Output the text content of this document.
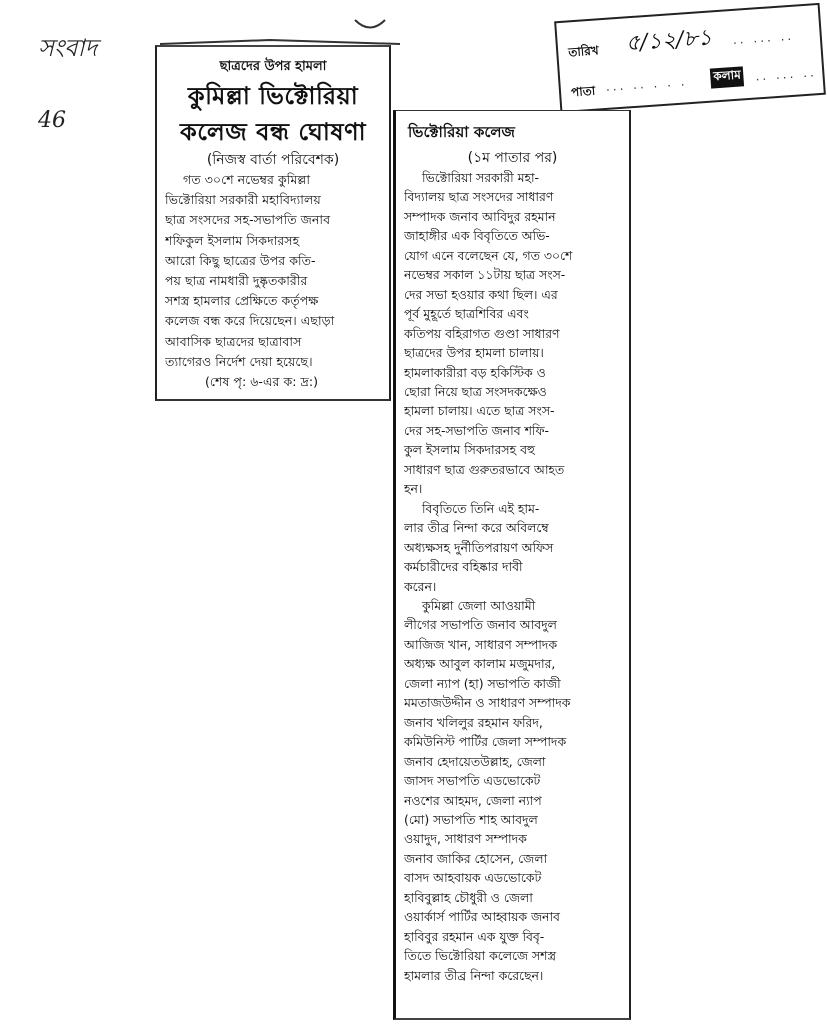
সংবাদ
46
তারিখ ৫/১২/৮১ .. ... ..
পাতা ... .. . . . কলাম .. ... ..
ছাত্রদের উপর হামলা
কুমিল্লা ভিক্টোরিয়া
কলেজ বন্ধ ঘোষণা
(নিজস্ব বার্তা পরিবেশক)
গত ৩০শে নভেম্বর কুমিল্লা
ভিক্টোরিয়া সরকারী মহাবিদ্যালয়
ছাত্র সংসদের সহ-সভাপতি জনাব
শফিকুল ইসলাম সিকদারসহ
আরো কিছু ছাত্রের উপর কতি-
পয় ছাত্র নামধারী দুষ্কৃতকারীর
সশস্ত্র হামলার প্রেক্ষিতে কর্তৃপক্ষ
কলেজ বন্ধ করে দিয়েছেন। এছাড়া
আবাসিক ছাত্রদের ছাত্রাবাস
ত্যাগেরও নির্দেশ দেয়া হয়েছে।
(শেষ পৃ: ৬-এর ক: দ্র:)
ভিক্টোরিয়া কলেজ
(১ম পাতার পর)
ভিক্টোরিয়া সরকারী মহা-
বিদ্যালয় ছাত্র সংসদের সাধারণ
সম্পাদক জনাব আবিদুর রহমান
জাহাঙ্গীর এক বিবৃতিতে অভি-
যোগ এনে বলেছেন যে, গত ৩০শে
নভেম্বর সকাল ১১টায় ছাত্র সংস-
দের সভা হওয়ার কথা ছিল। এর
পূর্ব মুহূর্তে ছাত্রশিবির এবং
কতিপয় বহিরাগত গুণ্ডা সাধারণ
ছাত্রদের উপর হামলা চালায়।
হামলাকারীরা বড় হকিস্টিক ও
ছোরা নিয়ে ছাত্র সংসদকক্ষেও
হামলা চালায়। এতে ছাত্র সংস-
দের সহ-সভাপতি জনাব শফি-
কুল ইসলাম সিকদারসহ বহু
সাধারণ ছাত্র গুরুতরভাবে আহত
হন।
বিবৃতিতে তিনি এই হাম-
লার তীব্র নিন্দা করে অবিলম্বে
অধ্যক্ষসহ দুর্নীতিপরায়ণ অফিস
কর্মচারীদের বহিষ্কার দাবী
করেন।
কুমিল্লা জেলা আওয়ামী
লীগের সভাপতি জনাব আবদুল
আজিজ খান, সাধারণ সম্পাদক
অধ্যক্ষ আবুল কালাম মজুমদার,
জেলা ন্যাপ (হা) সভাপতি কাজী
মমতাজউদ্দীন ও সাধারণ সম্পাদক
জনাব খলিলুর রহমান ফরিদ,
কমিউনিস্ট পার্টির জেলা সম্পাদক
জনাব হেদায়েতউল্লাহ, জেলা
জাসদ সভাপতি এডভোকেট
নওশের আহমদ, জেলা ন্যাপ
(মো) সভাপতি শাহ আবদুল
ওয়াদুদ, সাধারণ সম্পাদক
জনাব জাকির হোসেন, জেলা
বাসদ আহবায়ক এডভোকেট
হাবিবুল্লাহ চৌধুরী ও জেলা
ওয়ার্কার্স পার্টির আহ্বায়ক জনাব
হাবিবুর রহমান এক যুক্ত বিবৃ-
তিতে ভিক্টোরিয়া কলেজে সশস্ত্র
হামলার তীব্র নিন্দা করেছেন।
